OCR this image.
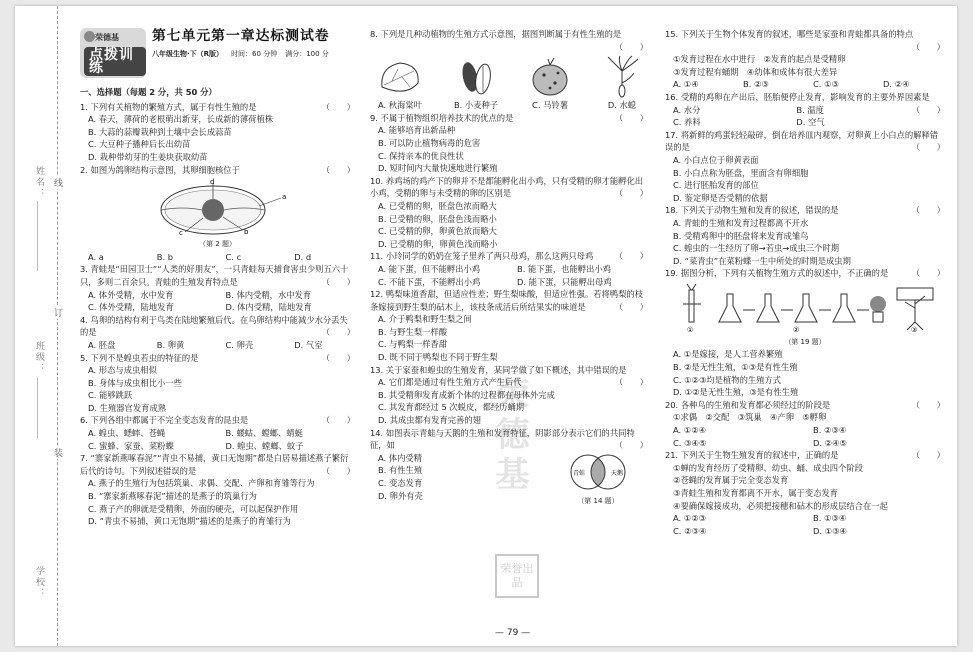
姓名：
班级：
学校：
线
订
装	荣德基
荣誉出品
荣德基
点拨训练
第七单元第一章达标测试卷
八年级生物·下（R版） 时间：60 分钟 满分：100 分
一、选择题（每题 2 分，共 50 分）
1. 下列有关植物的繁殖方式，属于有性生殖的是	（　　）
A. 春天，薄荷的老根萌出新芽，长成新的薄荷植株
B. 大蒜的蒜瓣栽种到土壤中会长成蒜苗
C. 大豆种子播种后长出幼苗
D. 栽种带幼芽的生姜块获取幼苗
2. 如图为鸽卵结构示意图，其卵细胞核位于	（　　）
d
a
b
c
（第 2 题）
A. a	B. b	C. c	D. d
3. 青蛙是“田园卫士”“人类的好朋友”，一只青蛙每天捕食害虫少则五六十只，多则二百余只。青蛙的生殖发育特点是	（　　）
A. 体外受精，水中发育	B. 体内受精，水中发育
C. 体外受精，陆地发育	D. 体内受精，陆地发育
4. 鸟卵的结构有利于鸟类在陆地繁殖后代。在鸟卵结构中能减少水分丢失的是	（　　）
A. 胚盘	B. 卵黄	C. 卵壳	D. 气室
5. 下列不是蝗虫若虫的特征的是	（　　）
A. 形态与成虫相似
B. 身体与成虫相比小一些
C. 能够跳跃
D. 生殖器官发育成熟
6. 下列各组中都属于不完全变态发育的昆虫是	（　　）
A. 蝗虫、蟋蟀、苍蝇	B. 蝼蛄、螳螂、蜻蜓
C. 蜜蜂、家蚕、菜粉蝶	D. 蝗虫、螳螂、蚊子
7. “寨家新燕啄春泥”“青虫不易捕，黄口无饱期”都是白居易描述燕子繁衍后代的诗句。下列叙述错误的是	（　　）
A. 燕子的生殖行为包括筑巢、求偶、交配、产卵和育雏等行为
B. “寨家新燕啄春泥”描述的是燕子的筑巢行为
C. 燕子产的卵就是受精卵，外面的硬壳，可以起保护作用
D. “青虫不易捕，黄口无饱期”描述的是燕子的育雏行为
8. 下列是几种动植物的生殖方式示意图，据图判断属于有性生殖的是
（　　）
A. 秋海棠叶	B. 小麦种子	C. 马铃薯	D. 水螅
9. 不属于植物组织培养技术的优点的是	（　　）
A. 能够培育出新品种
B. 可以防止植物病毒的危害
C. 保持亲本的优良性状
D. 短时间内大量快速地进行繁殖
10. 养鸡场的鸡产下的卵并不是都能孵化出小鸡，只有受精的卵才能孵化出小鸡，受精的卵与未受精的卵的区别是	（　　）
A. 已受精的卵，胚盘色浓而略大
B. 已受精的卵，胚盘色浅而略小
C. 已受精的卵，卵黄色浓而略大
D. 已受精的卵，卵黄色浅而略小
11. 小玲同学的奶奶在笼子里养了两只母鸡，那么这两只母鸡	（　　）
A. 能下蛋，但不能孵出小鸡	B. 能下蛋，也能孵出小鸡
C. 不能下蛋，不能孵出小鸡	D. 能下蛋，只能孵出母鸡
12. 鸭梨味道香甜，但适应性差；野生梨味酸，但适应性强。若将鸭梨的枝条嫁接到野生梨的砧木上，该枝条成活后所结果实的味道是	（　　）
A. 介于鸭梨和野生梨之间
B. 与野生梨一样酸
C. 与鸭梨一样香甜
D. 既不同于鸭梨也不同于野生梨
13. 关于家蚕和蝗虫的生殖发育，某同学做了如下概述，其中错误的是
（　　）
A. 它们都是通过有性生殖方式产生后代
B. 其受精卵发育成新个体的过程都在母体外完成
C. 其发育都经过 5 次蜕皮，都经历蛹期
D. 其成虫都有发育完善的翅
14. 如图表示青蛙与天鹅的生殖和发育特征，阴影部分表示它们的共同特征，如	（　　）
A. 体内受精
B. 有性生殖
C. 变态发育
D. 卵外有壳
青蛙	天鹅
（第 14 题）
— 79 —
15. 下列关于生物个体发育的叙述，哪些是家蚕和青蛙都具备的特点
（　　）
①发育过程在水中进行　②发育的起点是受精卵
③发育过程有蛹期　④幼体和成体有很大差异
A. ①④	B. ②③	C. ①③	D. ②④
16. 受精的鸡卵在产出后，胚胎便停止发育，影响发育的主要外界因素是
（　　）
A. 水分	B. 温度
C. 养料	D. 空气
17. 将新鲜的鸡蛋轻轻敲碎，倒在培养皿内观察，对卵黄上小白点的解释错误的是	（　　）
A. 小白点位于卵黄表面
B. 小白点称为胚盘，里面含有卵细胞
C. 进行胚胎发育的部位
D. 鉴定卵是否受精的依据
18. 下列关于动物生殖和发育的叙述，错误的是	（　　）
A. 青蛙的生殖和发育过程都离不开水
B. 受精鸡卵中的胚盘将来发育成雏鸟
C. 蝗虫的一生经历了卵→若虫→成虫三个时期
D. “菜青虫”在菜粉蝶一生中所处的时期是成虫期
19. 据图分析，下列有关植物生殖方式的叙述中，不正确的是	（　　）
①	②	③
（第 19 题）
A. ①是嫁接，是人工营养繁殖
B. ②是无性生殖，①③是有性生殖
C. ①②③均是植物的生殖方式
D. ①②是无性生殖，③是有性生殖
20. 各种鸟的生殖和发育都必须经过的阶段是	（　　）
①求偶　②交配　③筑巢　④产卵　⑤孵卵
A. ①②④	B. ②③④
C. ③④⑤	D. ②④⑤
21. 下列关于生物生殖发育的叙述中，正确的是	（　　）
①蝉的发育经历了受精卵、幼虫、蛹、成虫四个阶段
②苍蝇的发育属于完全变态发育
③青蛙生殖和发育都离不开水，属于变态发育
④要确保嫁接成功，必须把接穗和砧木的形成层结合在一起
A. ①②③	B. ①③④
C. ②③④	D. ①③④
